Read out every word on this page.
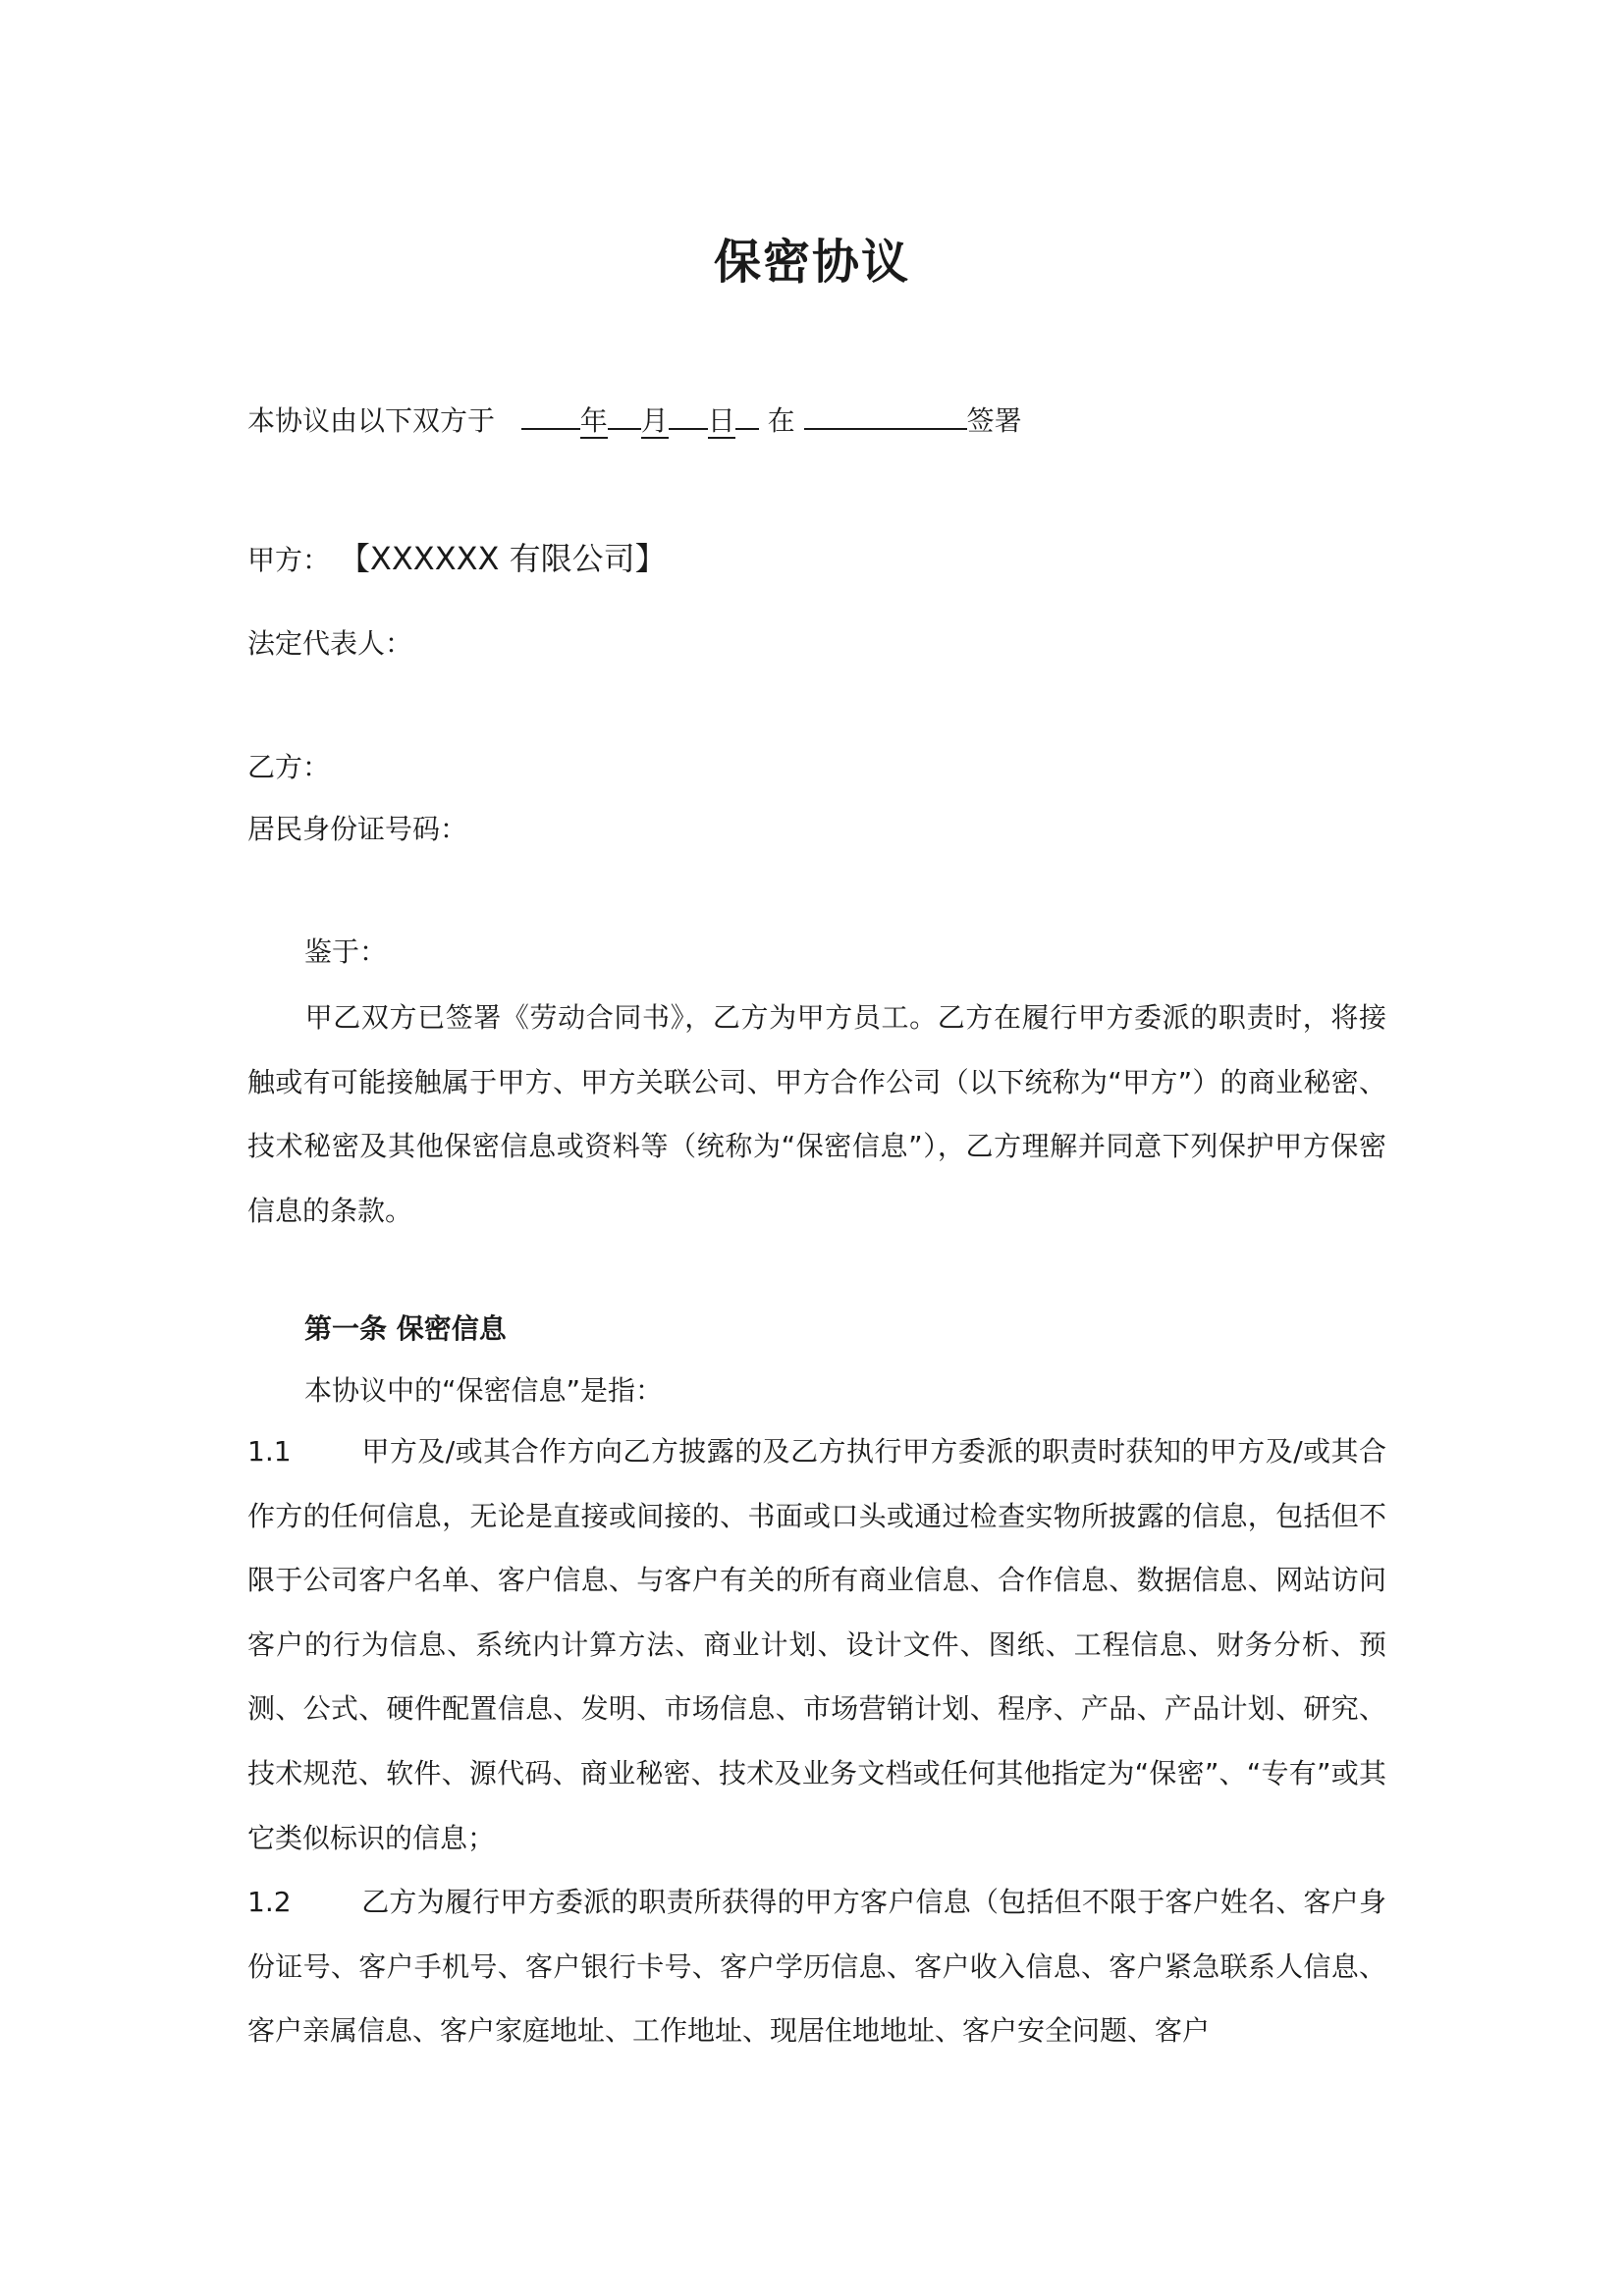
保密协议
本协议由以下双方于	年 月 日 在	签署
甲方： 【XXXXXX 有限公司】
法定代表人：
乙方：
居民身份证号码：
鉴于：
甲乙双方已签署《劳动合同书》，乙方为甲方员工。乙方在履行甲方委派的职责时，将接触或有可能接触属于甲方、甲方关联公司、甲方合作公司（以下统称为“甲方”）的商业秘密、技术秘密及其他保密信息或资料等（统称为“保密信息”），乙方理解并同意下列保护甲方保密信息的条款。
第一条 保密信息
本协议中的“保密信息”是指：
1.1	甲方及/或其合作方向乙方披露的及乙方执行甲方委派的职责时获知的甲方及/或其合作方的任何信息，无论是直接或间接的、书面或口头或通过检查实物所披露的信息，包括但不限于公司客户名单、客户信息、与客户有关的所有商业信息、合作信息、数据信息、网站访问客户的行为信息、系统内计算方法、商业计划、设计文件、图纸、工程信息、财务分析、预测、公式、硬件配置信息、发明、市场信息、市场营销计划、程序、产品、产品计划、研究、技术规范、软件、源代码、商业秘密、技术及业务文档或任何其他指定为“保密”、“专有”或其它类似标识的信息；
1.2	乙方为履行甲方委派的职责所获得的甲方客户信息（包括但不限于客户姓名、客户身份证号、客户手机号、客户银行卡号、客户学历信息、客户收入信息、客户紧急联系人信息、客户亲属信息、客户家庭地址、工作地址、现居住地地址、客户安全问题、客户
